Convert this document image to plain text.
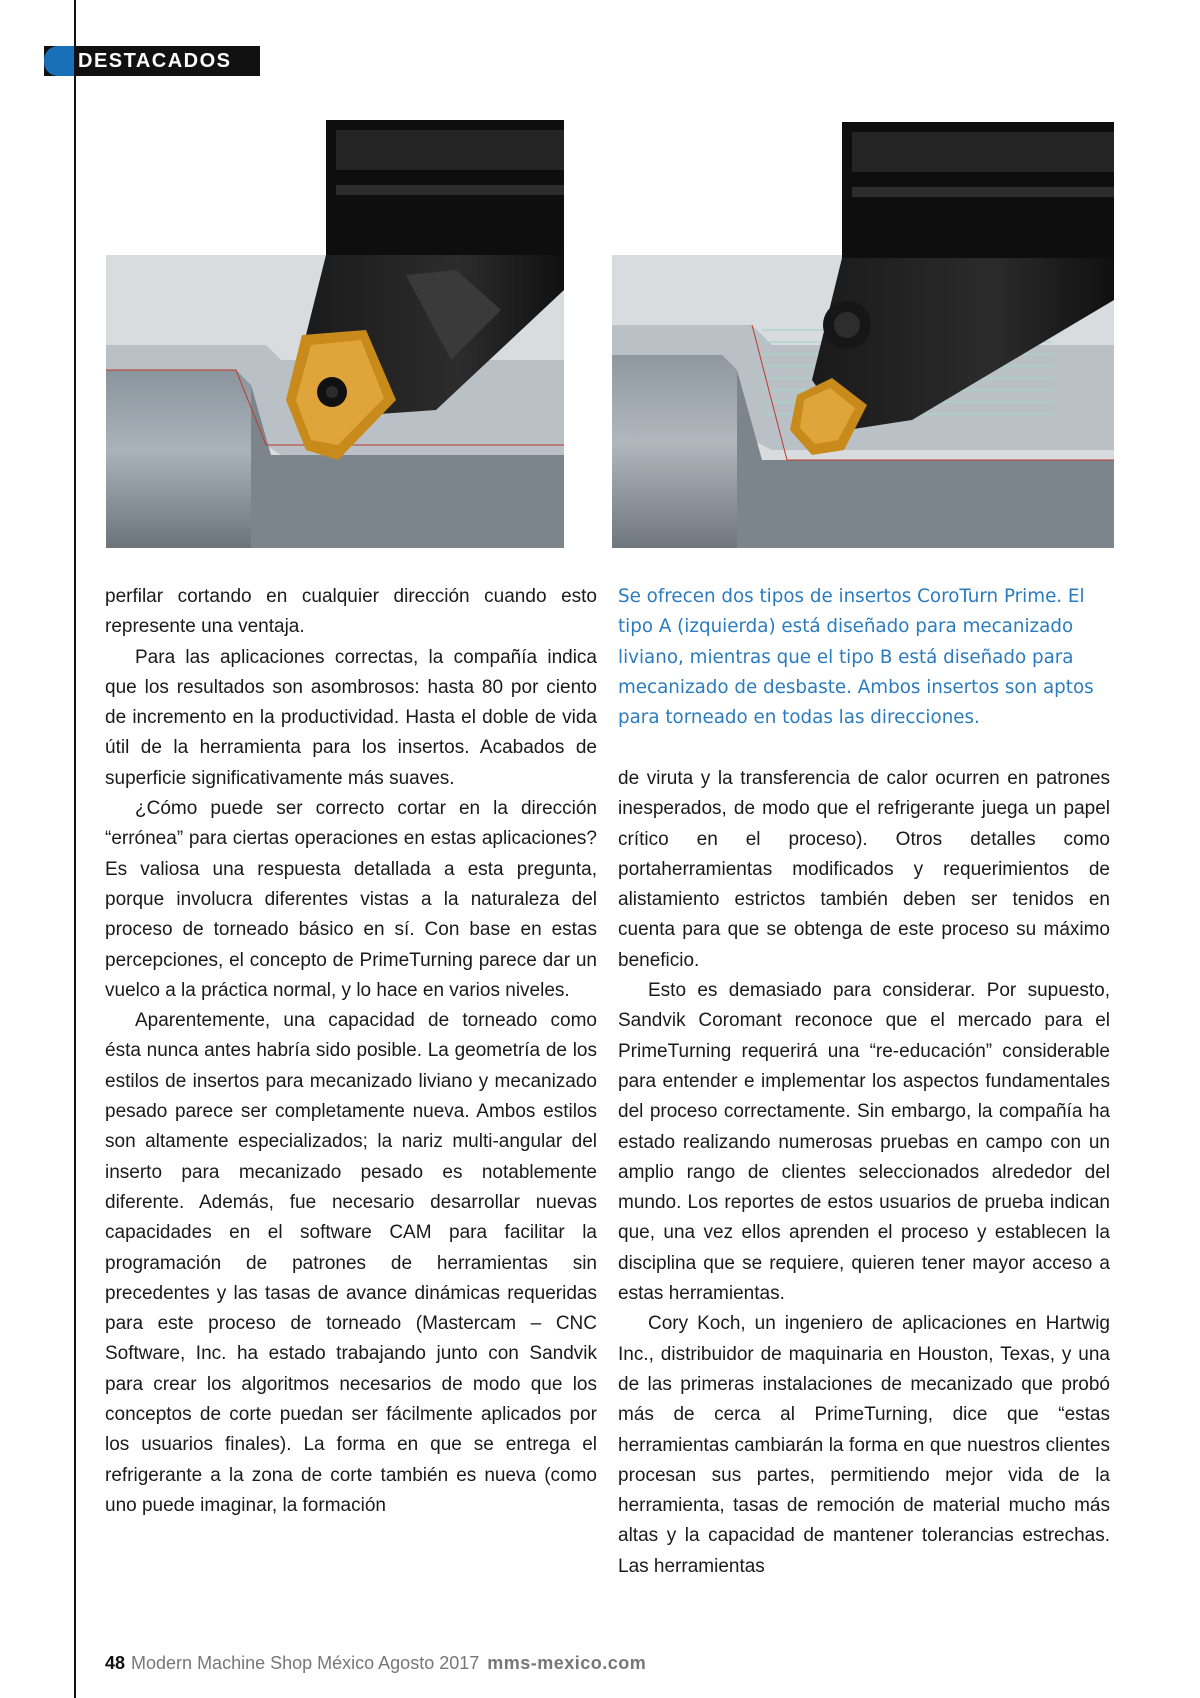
DESTACADOS

perfilar cortando en cualquier dirección cuando esto represente una ventaja.

Para las aplicaciones correctas, la compañía indica que los resultados son asombrosos: hasta 80 por ciento de incremento en la productividad. Hasta el doble de vida útil de la herramienta para los insertos. Acabados de superficie significativamente más suaves.

¿Cómo puede ser correcto cortar en la dirección “errónea” para ciertas operaciones en estas aplicaciones? Es valiosa una respuesta detallada a esta pregunta, porque involucra diferentes vistas a la naturaleza del proceso de torneado básico en sí. Con base en estas percepciones, el concepto de PrimeTurning parece dar un vuelco a la práctica normal, y lo hace en varios niveles.

Aparentemente, una capacidad de torneado como ésta nunca antes habría sido posible. La geometría de los estilos de insertos para mecanizado liviano y mecanizado pesado parece ser completamente nueva. Ambos estilos son altamente especializados; la nariz multi-angular del inserto para mecanizado pesado es notablemente diferente. Además, fue necesario desarrollar nuevas capacidades en el software CAM para facilitar la programación de patrones de herramientas sin precedentes y las tasas de avance dinámicas requeridas para este proceso de torneado (Mastercam – CNC Software, Inc. ha estado trabajando junto con Sandvik para crear los algoritmos necesarios de modo que los conceptos de corte puedan ser fácilmente aplicados por los usuarios finales). La forma en que se entrega el refrigerante a la zona de corte también es nueva (como uno puede imaginar, la formación

Se ofrecen dos tipos de insertos CoroTurn Prime. El tipo A (izquierda) está diseñado para mecanizado liviano, mientras que el tipo B está diseñado para mecanizado de desbaste. Ambos insertos son aptos para torneado en todas las direcciones.

de viruta y la transferencia de calor ocurren en patrones inesperados, de modo que el refrigerante juega un papel crítico en el proceso). Otros detalles como portaherramientas modificados y requerimientos de alistamiento estrictos también deben ser tenidos en cuenta para que se obtenga de este proceso su máximo beneficio.

Esto es demasiado para considerar. Por supuesto, Sandvik Coromant reconoce que el mercado para el PrimeTurning requerirá una “re-educación” considerable para entender e implementar los aspectos fundamentales del proceso correctamente. Sin embargo, la compañía ha estado realizando numerosas pruebas en campo con un amplio rango de clientes seleccionados alrededor del mundo. Los reportes de estos usuarios de prueba indican que, una vez ellos aprenden el proceso y establecen la disciplina que se requiere, quieren tener mayor acceso a estas herramientas.

Cory Koch, un ingeniero de aplicaciones en Hartwig Inc., distribuidor de maquinaria en Houston, Texas, y una de las primeras instalaciones de mecanizado que probó más de cerca al PrimeTurning, dice que “estas herramientas cambiarán la forma en que nuestros clientes procesan sus partes, permitiendo mejor vida de la herramienta, tasas de remoción de material mucho más altas y la capacidad de mantener tolerancias estrechas. Las herramientas

48 Modern Machine Shop México Agosto 2017 mms-mexico.com
